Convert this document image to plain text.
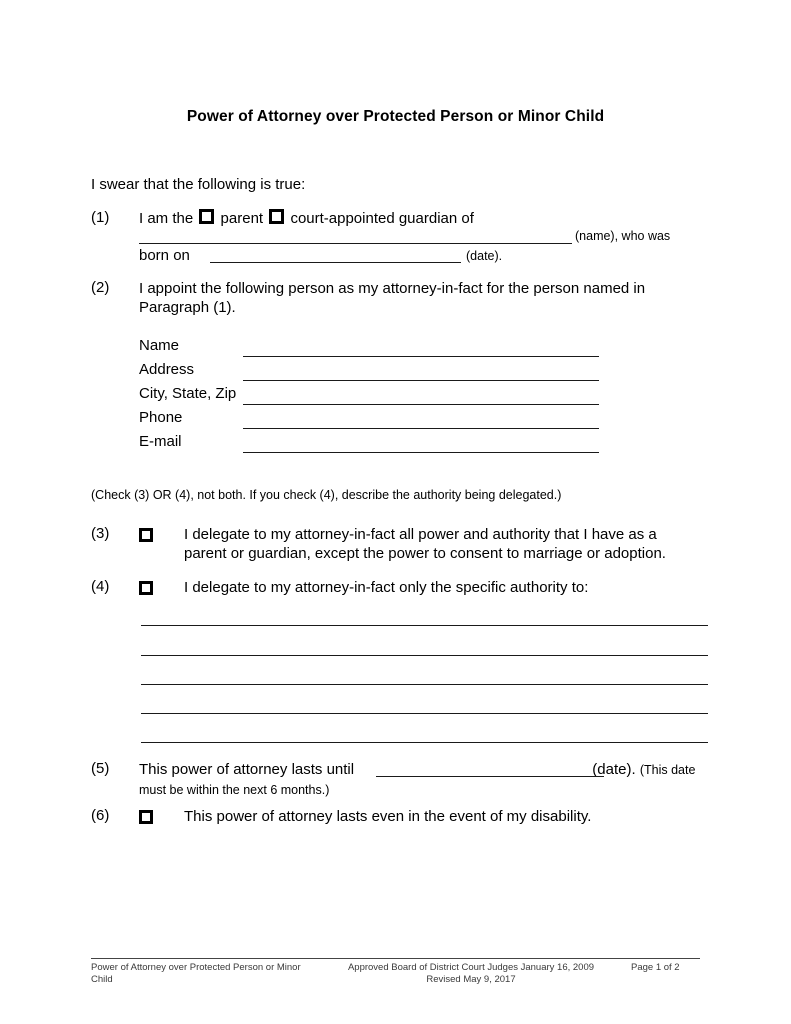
Power of Attorney over Protected Person or Minor Child
I swear that the following is true:
(1)	I am the parent court-appointed guardian of
(name), who was
born on	(date).
(2)	I appoint the following person as my attorney-in-fact for the person named in Paragraph (1).
Name
Address
City, State, Zip
Phone
E-mail
(Check (3) OR (4), not both. If you check (4), describe the authority being delegated.)
(3)	I delegate to my attorney-in-fact all power and authority that I have as a parent or guardian, except the power to consent to marriage or adoption.
(4)	I delegate to my attorney-in-fact only the specific authority to:
(5)	This power of attorney lasts until	(date). (This date must be within the next 6 months.)
(6)	This power of attorney lasts even in the event of my disability.
Power of Attorney over Protected Person or Minor Child
Approved Board of District Court Judges January 16, 2009
Revised May 9, 2017
Page 1 of 2
